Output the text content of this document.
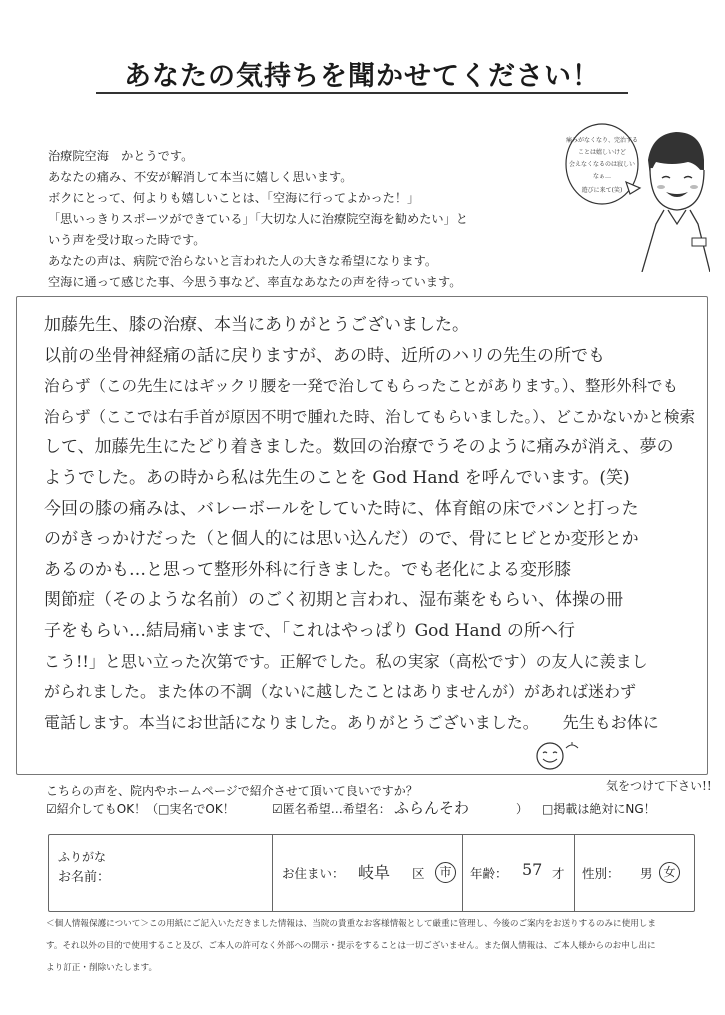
あなたの気持ちを聞かせてください！
治療院空海　かとうです。
あなたの痛み、不安が解消して本当に嬉しく思います。
ボクにとって、何よりも嬉しいことは、「空海に行ってよかった！」
「思いっきりスポーツができている」「大切な人に治療院空海を勧めたい」と
いう声を受け取った時です。
あなたの声は、病院で治らないと言われた人の大きな希望になります。
空海に通って感じた事、今思う事など、率直なあなたの声を待っています。
痛みがなくなり、完治する
ことは嬉しいけど
会えなくなるのは寂しい
なぁ…
遊びに来て(笑)
加藤先生、膝の治療、本当にありがとうございました。
以前の坐骨神経痛の話に戻りますが、あの時、近所のハリの先生の所でも
治らず（この先生にはギックリ腰を一発で治してもらったことがあります。）、整形外科でも
治らず（ここでは右手首が原因不明で腫れた時、治してもらいました。）、どこかないかと検索
して、加藤先生にたどり着きました。数回の治療でうそのように痛みが消え、夢の
ようでした。あの時から私は先生のことを God Hand を呼んでいます。(笑)
今回の膝の痛みは、バレーボールをしていた時に、体育館の床でバンと打った
のがきっかけだった（と個人的には思い込んだ）ので、骨にヒビとか変形とか
あるのかも…と思って整形外科に行きました。でも老化による変形膝
関節症（そのような名前）のごく初期と言われ、湿布薬をもらい、体操の冊
子をもらい…結局痛いままで、「これはやっぱり God Hand の所へ行
こう!!」と思い立った次第です。正解でした。私の実家（高松です）の友人に羨まし
がられました。また体の不調（ないに越したことはありませんが）があれば迷わず
電話します。本当にお世話になりました。ありがとうございました。　　先生もお体に
気をつけて下さい!!
こちらの声を、院内やホームページで紹介させて頂いて良いですか？
☑紹介してもOK！（□実名でOK！	☑匿名希望…希望名： ふらんそわ	） □掲載は絶対にNG！
ふりがな
お名前：	お住まい： 岐阜 区	市	年齢： 57 才 性別： 男 女
＜個人情報保護について＞この用紙にご記入いただきました情報は、当院の貴重なお客様情報として厳重に管理し、今後のご案内をお送りするのみに使用しま
す。それ以外の目的で使用すること及び、ご本人の許可なく外部への開示・提示をすることは一切ございません。また個人情報は、ご本人様からのお申し出に
より訂正・削除いたします。
